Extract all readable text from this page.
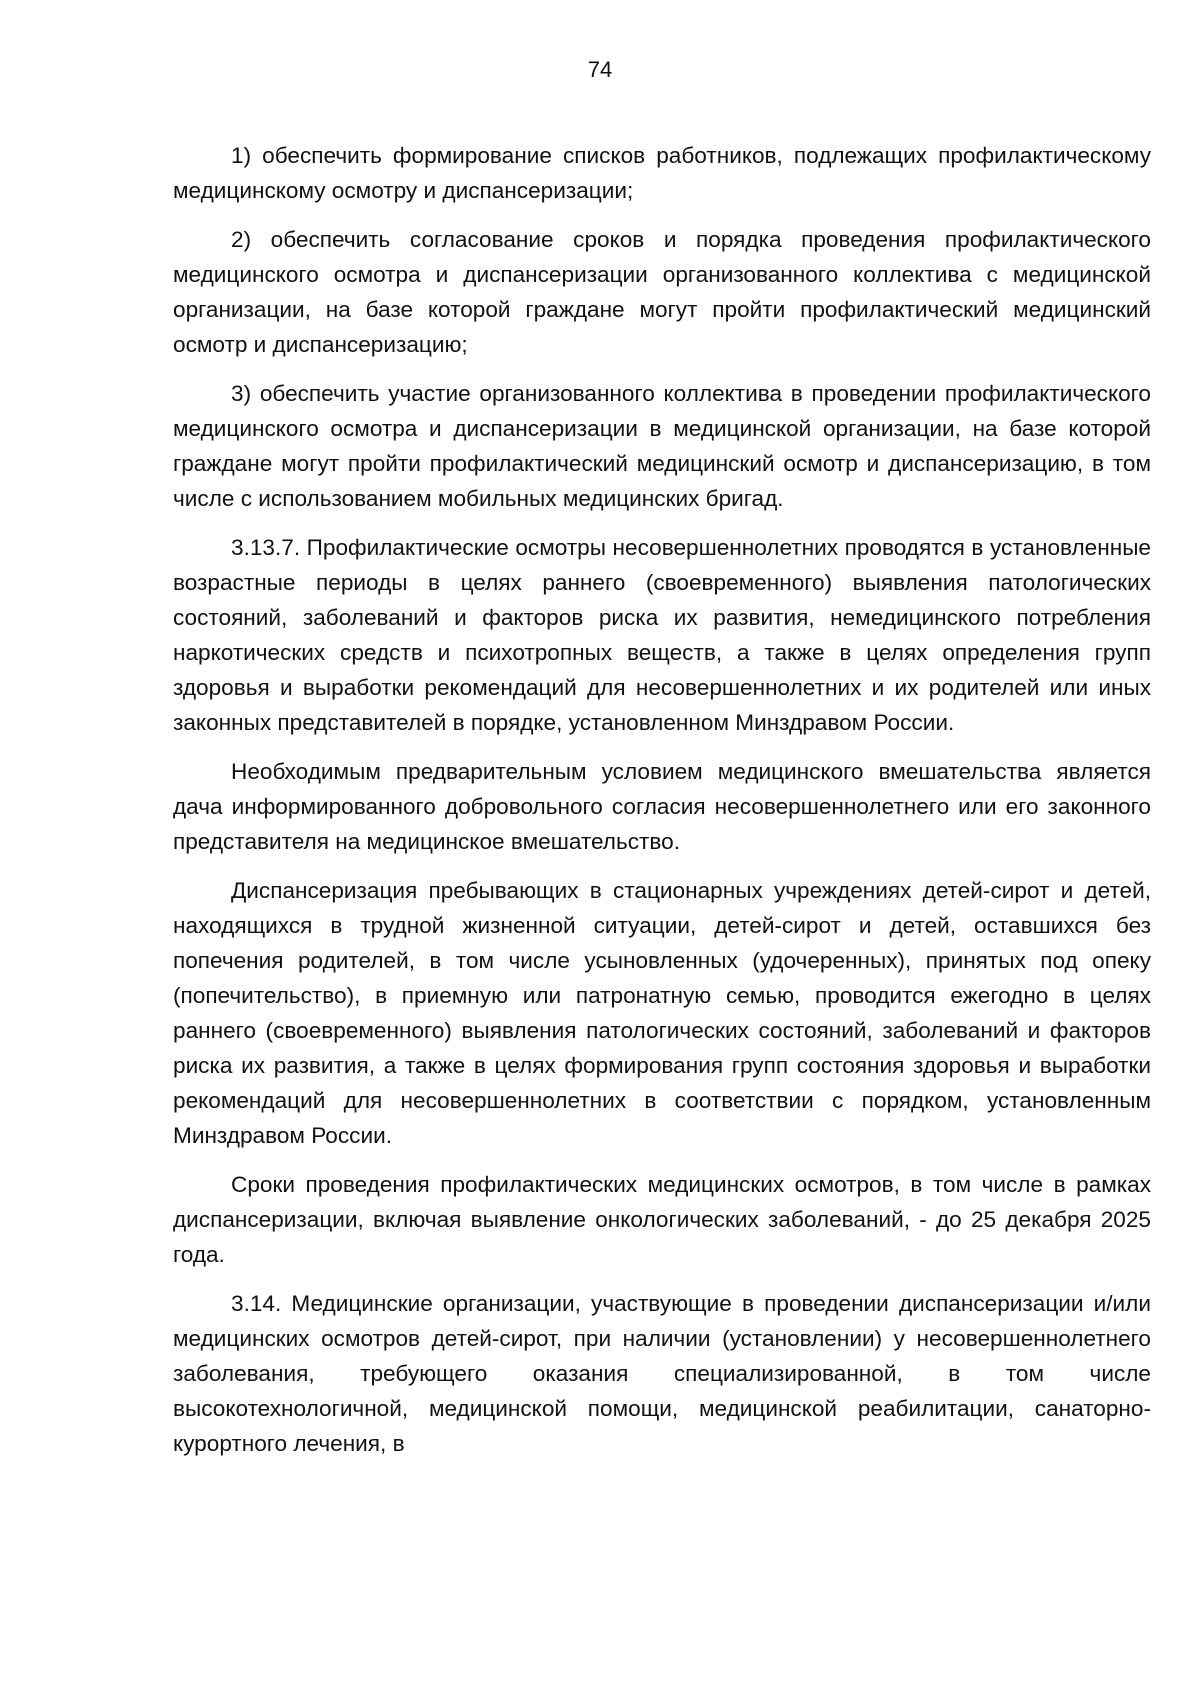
74

1) обеспечить формирование списков работников, подлежащих профилактическому медицинскому осмотру и диспансеризации;

2) обеспечить согласование сроков и порядка проведения профилактического медицинского осмотра и диспансеризации организованного коллектива с медицинской организации, на базе которой граждане могут пройти профилактический медицинский осмотр и диспансеризацию;

3) обеспечить участие организованного коллектива в проведении профилактического медицинского осмотра и диспансеризации в медицинской организации, на базе которой граждане могут пройти профилактический медицинский осмотр и диспансеризацию, в том числе с использованием мобильных медицинских бригад.

3.13.7. Профилактические осмотры несовершеннолетних проводятся в установленные возрастные периоды в целях раннего (своевременного) выявления патологических состояний, заболеваний и факторов риска их развития, немедицинского потребления наркотических средств и психотропных веществ, а также в целях определения групп здоровья и выработки рекомендаций для несовершеннолетних и их родителей или иных законных представителей в порядке, установленном Минздравом России.

Необходимым предварительным условием медицинского вмешательства является дача информированного добровольного согласия несовершеннолетнего или его законного представителя на медицинское вмешательство.

Диспансеризация пребывающих в стационарных учреждениях детей-сирот и детей, находящихся в трудной жизненной ситуации, детей-сирот и детей, оставшихся без попечения родителей, в том числе усыновленных (удочеренных), принятых под опеку (попечительство), в приемную или патронатную семью, проводится ежегодно в целях раннего (своевременного) выявления патологических состояний, заболеваний и факторов риска их развития, а также в целях формирования групп состояния здоровья и выработки рекомендаций для несовершеннолетних в соответствии с порядком, установленным Минздравом России.

Сроки проведения профилактических медицинских осмотров, в том числе в рамках диспансеризации, включая выявление онкологических заболеваний, - до 25 декабря 2025 года.

3.14. Медицинские организации, участвующие в проведении диспансеризации и/или медицинских осмотров детей-сирот, при наличии (установлении) у несовершеннолетнего заболевания, требующего оказания специализированной, в том числе высокотехнологичной, медицинской помощи, медицинской реабилитации, санаторно-курортного лечения, в
